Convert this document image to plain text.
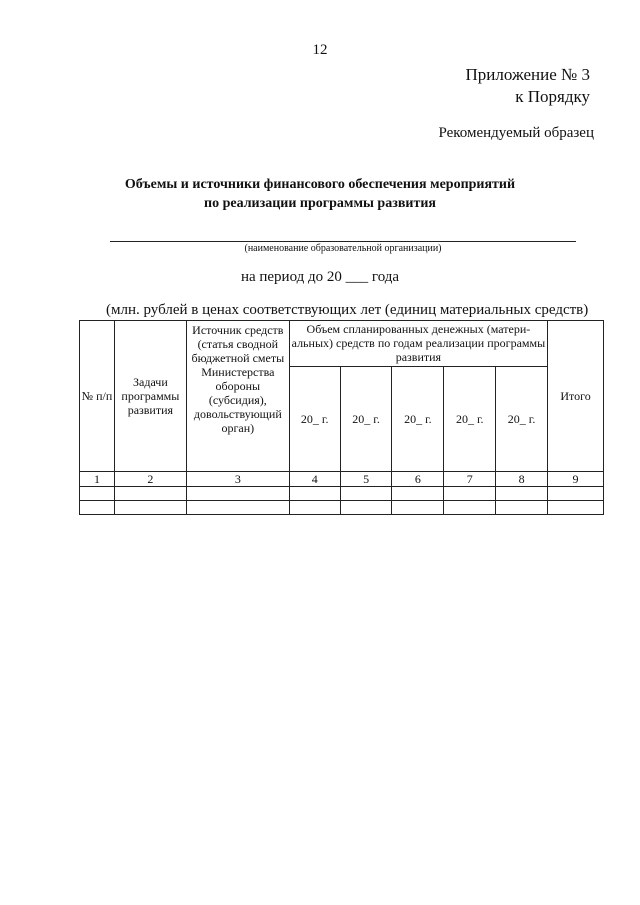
12
Приложение № 3
к Порядку
Рекомендуемый образец
Объемы и источники финансового обеспечения мероприятий
по реализации программы развития
(наименование образовательной организации)
на период до 20 ___ года
(млн. рублей в ценах соответствующих лет (единиц материальных средств)
№ п/п	Задачи программы развития	Источник средств (статья сводной бюджетной сметы Министерства обороны (субсидия), довольствующий орган)	Объем спланированных денежных (матери- альных) средств по годам реализации программы развития					Итого
			20_ г.	20_ г.	20_ г.	20_ г.	20_ г.	
1	2	3	4	5	6	7	8	9
